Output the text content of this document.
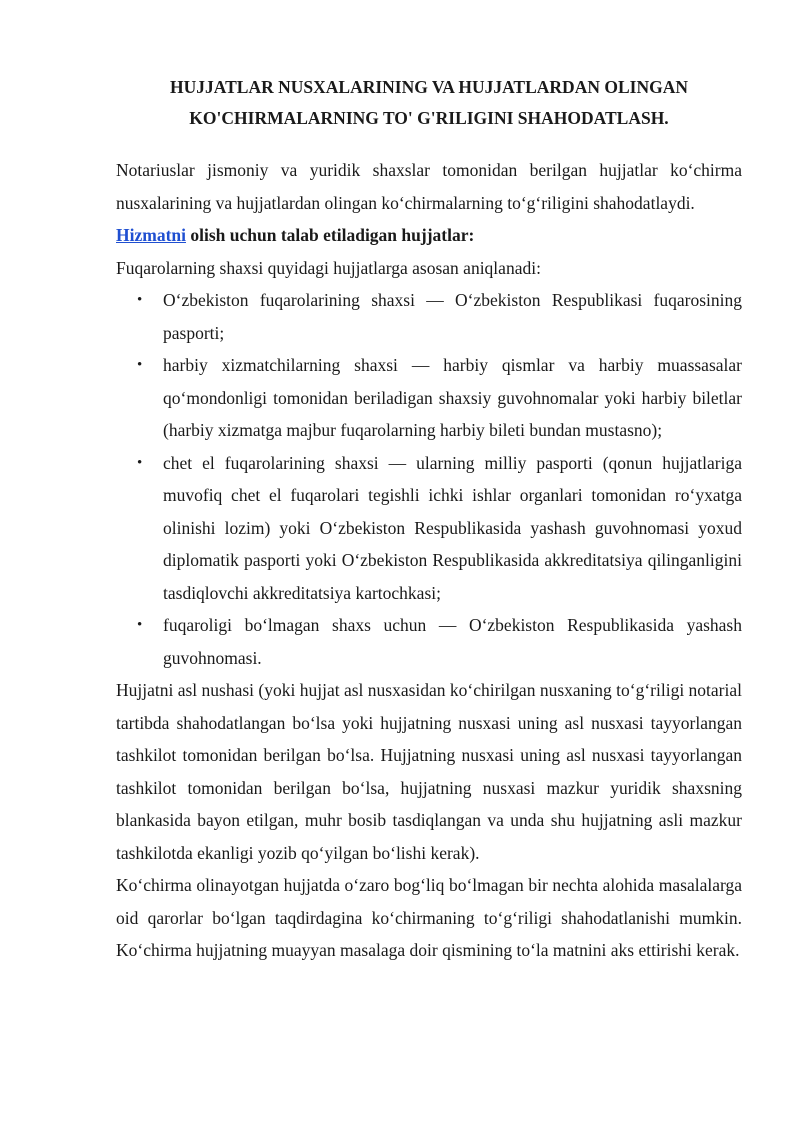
HUJJATLAR NUSXALARINING VA HUJJATLARDAN OLINGAN
KO'CHIRMALARNING TO' G'RILIGINI SHAHODATLASH.

Notariuslar jismoniy va yuridik shaxslar tomonidan berilgan hujjatlar ko‘chirma nusxalarining va hujjatlardan olingan ko‘chirmalarning to‘g‘riligini shahodatlaydi.

Hizmatni olish uchun talab etiladigan hujjatlar:

Fuqarolarning shaxsi quyidagi hujjatlarga asosan aniqlanadi:

• O‘zbekiston fuqarolarining shaxsi — O‘zbekiston Respublikasi fuqarosining pasporti;
• harbiy xizmatchilarning shaxsi — harbiy qismlar va harbiy muassasalar qo‘mondonligi tomonidan beriladigan shaxsiy guvohnomalar yoki harbiy biletlar (harbiy xizmatga majbur fuqarolarning harbiy bileti bundan mustasno);
• chet el fuqarolarining shaxsi — ularning milliy pasporti (qonun hujjatlariga muvofiq chet el fuqarolari tegishli ichki ishlar organlari tomonidan ro‘yxatga olinishi lozim) yoki O‘zbekiston Respublikasida yashash guvohnomasi yoxud diplomatik pasporti yoki O‘zbekiston Respublikasida akkreditatsiya qilinganligini tasdiqlovchi akkreditatsiya kartochkasi;
• fuqaroligi bo‘lmagan shaxs uchun — O‘zbekiston Respublikasida yashash guvohnomasi.

Hujjatni asl nushasi (yoki hujjat asl nusxasidan ko‘chirilgan nusxaning to‘g‘riligi notarial tartibda shahodatlangan bo‘lsa yoki hujjatning nusxasi uning asl nusxasi tayyorlangan tashkilot tomonidan berilgan bo‘lsa. Hujjatning nusxasi uning asl nusxasi tayyorlangan tashkilot tomonidan berilgan bo‘lsa, hujjatning nusxasi mazkur yuridik shaxsning blankasida bayon etilgan, muhr bosib tasdiqlangan va unda shu hujjatning asli mazkur tashkilotda ekanligi yozib qo‘yilgan bo‘lishi kerak).

Ko‘chirma olinayotgan hujjatda o‘zaro bog‘liq bo‘lmagan bir nechta alohida masalalarga oid qarorlar bo‘lgan taqdirdagina ko‘chirmaning to‘g‘riligi shahodatlanishi mumkin. Ko‘chirma hujjatning muayyan masalaga doir qismining to‘la matnini aks ettirishi kerak.
